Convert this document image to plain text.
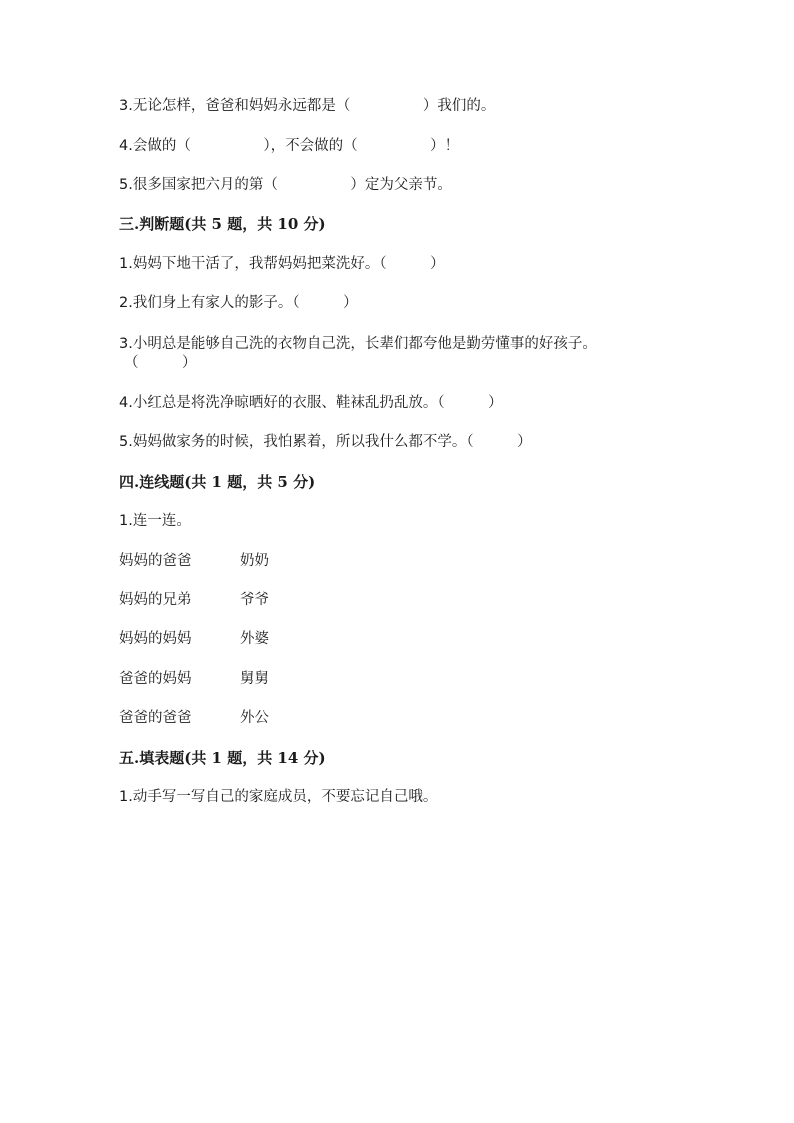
3.无论怎样，爸爸和妈妈永远都是（　　　　　）我们的。
4.会做的（　　　　　），不会做的（　　　　　）！
5.很多国家把六月的第（　　　　　）定为父亲节。
三.判断题(共 5 题，共 10 分)
1.妈妈下地干活了，我帮妈妈把菜洗好。（　　　）
2.我们身上有家人的影子。（　　　）
3.小明总是能够自己洗的衣物自己洗，长辈们都夸他是勤劳懂事的好孩子。
（　　　）
4.小红总是将洗净晾晒好的衣服、鞋袜乱扔乱放。（　　　）
5.妈妈做家务的时候，我怕累着，所以我什么都不学。（　　　）
四.连线题(共 1 题，共 5 分)
1.连一连。
妈妈的爸爸	奶奶
妈妈的兄弟	爷爷
妈妈的妈妈	外婆
爸爸的妈妈	舅舅
爸爸的爸爸	外公
五.填表题(共 1 题，共 14 分)
1.动手写一写自己的家庭成员，不要忘记自己哦。
